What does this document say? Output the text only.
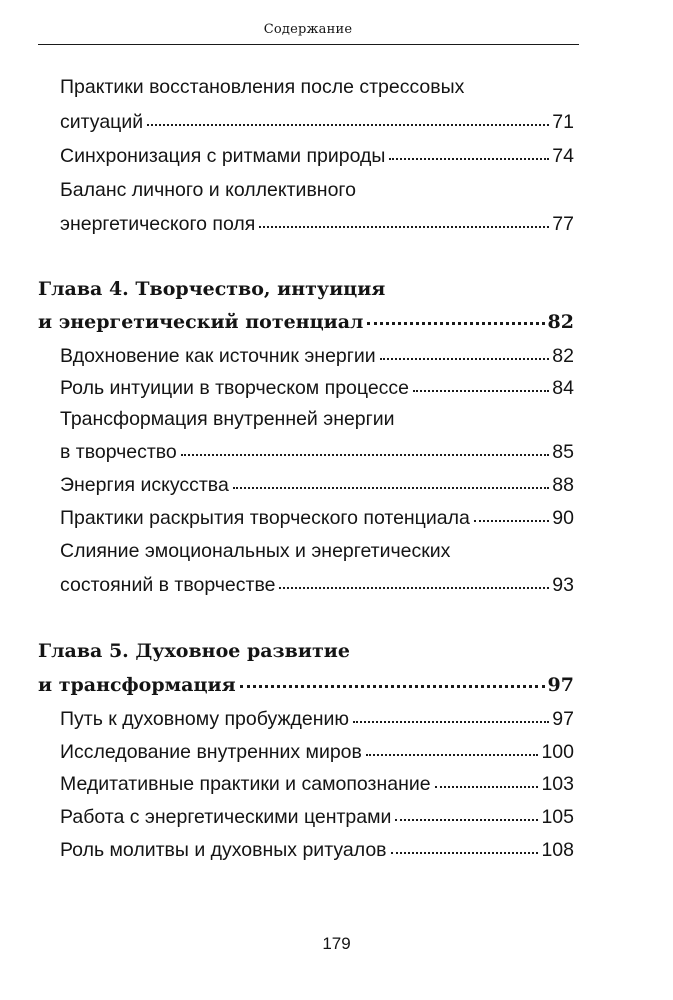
Содержание
Практики восстановления после стрессовых
ситуаций	71
Синхронизация с ритмами природы	74
Баланс личного и коллективного
энергетического поля	77
Глава 4. Творчество, интуиция
и энергетический потенциал	82
Вдохновение как источник энергии	82
Роль интуиции в творческом процессе	84
Трансформация внутренней энергии
в творчество	85
Энергия искусства	88
Практики раскрытия творческого потенциала	90
Слияние эмоциональных и энергетических
состояний в творчестве	93
Глава 5. Духовное развитие
и трансформация	97
Путь к духовному пробуждению	97
Исследование внутренних миров	100
Медитативные практики и самопознание	103
Работа с энергетическими центрами	105
Роль молитвы и духовных ритуалов	108
179
